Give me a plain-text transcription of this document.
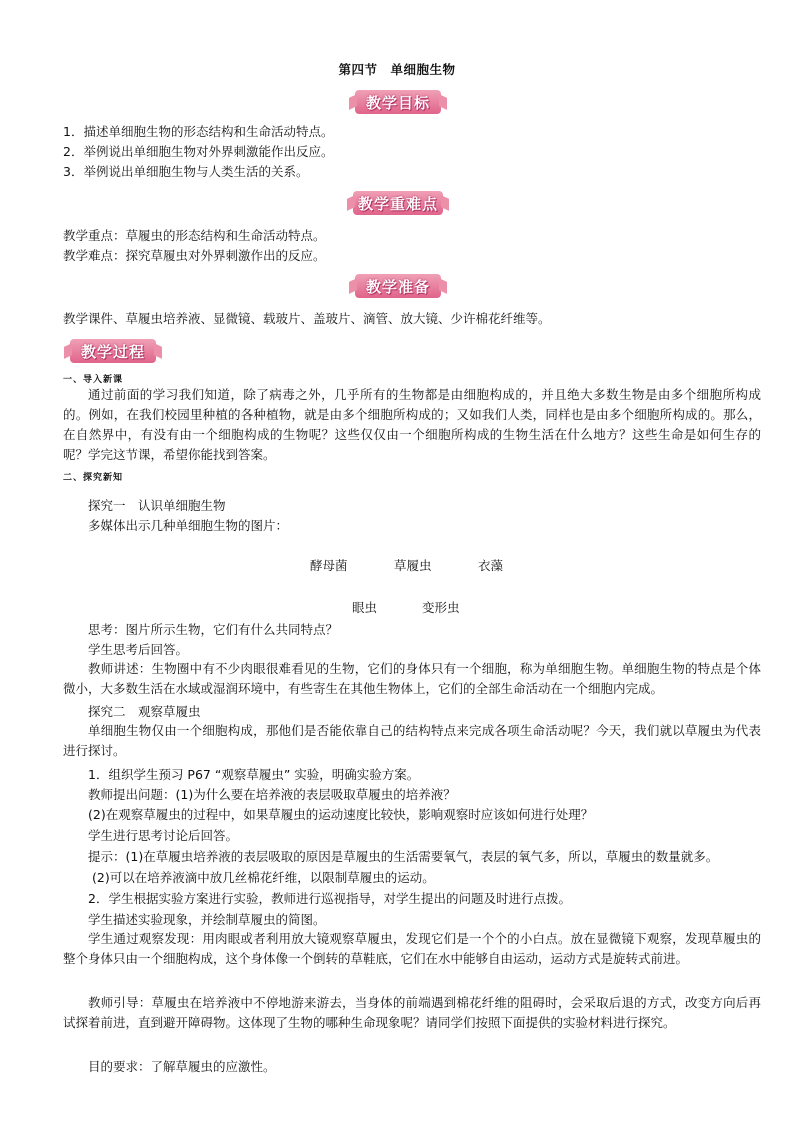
第四节　单细胞生物
教学目标
1．描述单细胞生物的形态结构和生命活动特点。
2．举例说出单细胞生物对外界刺激能作出反应。
3．举例说出单细胞生物与人类生活的关系。
教学重难点
教学重点：草履虫的形态结构和生命活动特点。
教学难点：探究草履虫对外界刺激作出的反应。
教学准备
教学课件、草履虫培养液、显微镜、载玻片、盖玻片、滴管、放大镜、少许棉花纤维等。
教学过程
一、导入新课
通过前面的学习我们知道，除了病毒之外，几乎所有的生物都是由细胞构成的，并且绝大多数生物是由多个细胞所构成的。例如，在我们校园里种植的各种植物，就是由多个细胞所构成的；又如我们人类，同样也是由多个细胞所构成的。那么，在自然界中，有没有由一个细胞构成的生物呢？这些仅仅由一个细胞所构成的生物生活在什么地方？这些生命是如何生存的呢？学完这节课，希望你能找到答案。
二、探究新知
探究一　认识单细胞生物
多媒体出示几种单细胞生物的图片：
酵母菌	草履虫	衣藻
眼虫	变形虫
思考：图片所示生物，它们有什么共同特点？
学生思考后回答。
教师讲述：生物圈中有不少肉眼很难看见的生物，它们的身体只有一个细胞，称为单细胞生物。单细胞生物的特点是个体微小，大多数生活在水域或湿润环境中，有些寄生在其他生物体上，它们的全部生命活动在一个细胞内完成。
探究二　观察草履虫
单细胞生物仅由一个细胞构成，那他们是否能依靠自己的结构特点来完成各项生命活动呢？今天，我们就以草履虫为代表进行探讨。
1．组织学生预习 P67 “观察草履虫” 实验，明确实验方案。
教师提出问题：(1)为什么要在培养液的表层吸取草履虫的培养液？
(2)在观察草履虫的过程中，如果草履虫的运动速度比较快，影响观察时应该如何进行处理？
学生进行思考讨论后回答。
提示：(1)在草履虫培养液的表层吸取的原因是草履虫的生活需要氧气，表层的氧气多，所以，草履虫的数量就多。
(2)可以在培养液滴中放几丝棉花纤维，以限制草履虫的运动。
2．学生根据实验方案进行实验，教师进行巡视指导，对学生提出的问题及时进行点拨。
学生描述实验现象，并绘制草履虫的简图。
学生通过观察发现：用肉眼或者利用放大镜观察草履虫，发现它们是一个个的小白点。放在显微镜下观察，发现草履虫的整个身体只由一个细胞构成，这个身体像一个倒转的草鞋底，它们在水中能够自由运动，运动方式是旋转式前进。
教师引导：草履虫在培养液中不停地游来游去，当身体的前端遇到棉花纤维的阻碍时，会采取后退的方式，改变方向后再试探着前进，直到避开障碍物。这体现了生物的哪种生命现象呢？请同学们按照下面提供的实验材料进行探究。
目的要求：了解草履虫的应激性。
